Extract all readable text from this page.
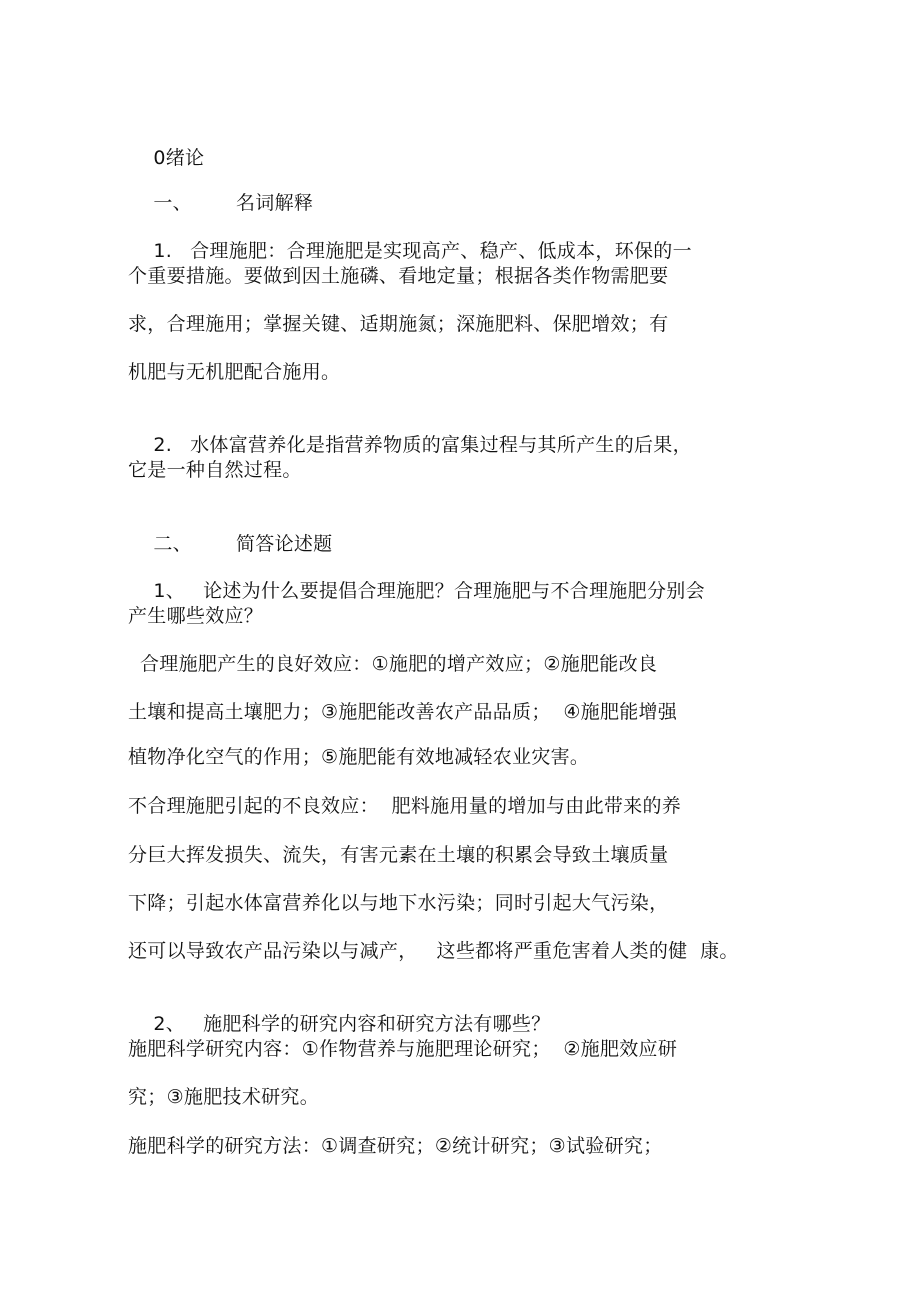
0绪论

一、 名词解释

1. 合理施肥：合理施肥是实现高产、稳产、低成本，环保的一

个重要措施。要做到因土施磷、看地定量；根据各类作物需肥要
求，合理施用；掌握关键、适期施氮；深施肥料、保肥增效；有
机肥与无机肥配合施用。

2. 水体富营养化是指营养物质的富集过程与其所产生的后果，

它是一种自然过程。

二、 简答论述题

1、 论述为什么要提倡合理施肥？合理施肥与不合理施肥分别会

产生哪些效应？
合理施肥产生的良好效应：①施肥的增产效应；②施肥能改良
土壤和提高土壤肥力；③施肥能改善农产品品质；  ④施肥能增强
植物净化空气的作用；⑤施肥能有效地减轻农业灾害。
不合理施肥引起的不良效应：  肥料施用量的增加与由此带来的养
分巨大挥发损失、流失，有害元素在土壤的积累会导致土壤质量
下降；引起水体富营养化以与地下水污染；同时引起大气污染，
还可以导致农产品污染以与减产，   这些都将严重危害着人类的健  康。

2、 施肥科学的研究内容和研究方法有哪些？

施肥科学研究内容：①作物营养与施肥理论研究；  ②施肥效应研
究；③施肥技术研究。
施肥科学的研究方法：①调查研究；②统计研究；③试验研究；
